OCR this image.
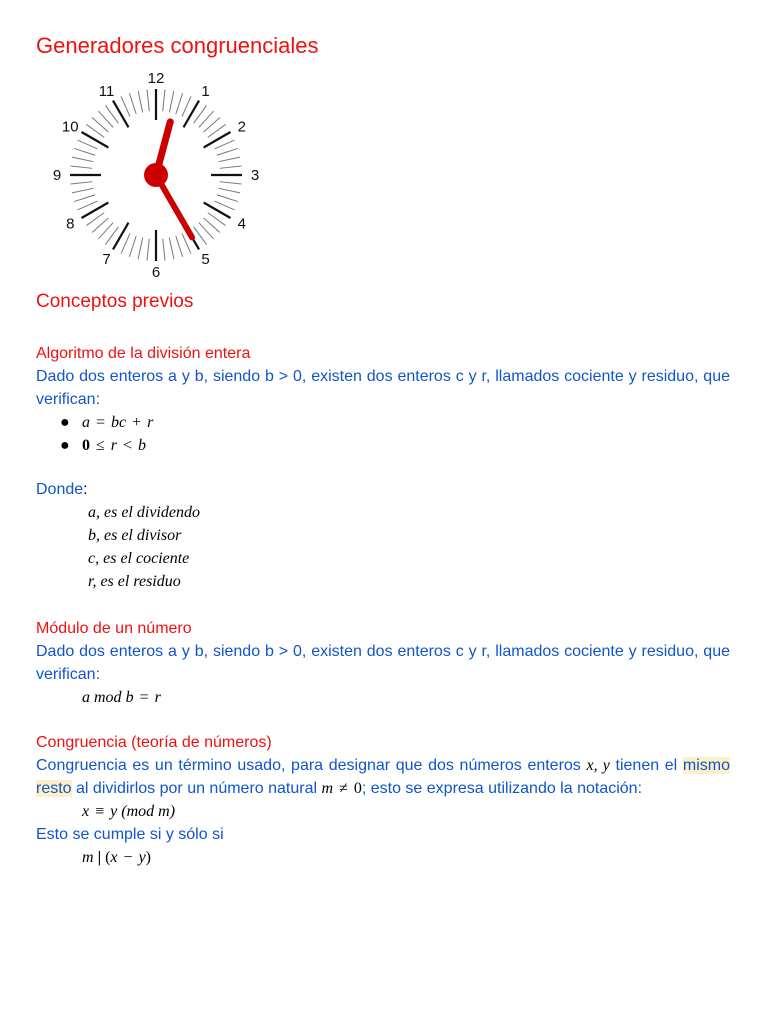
Generadores congruenciales
12
1
2
3
4
5
6
7
8
9
10
11
Conceptos previos

Algoritmo de la división entera

Dado dos enteros a y b, siendo b > 0, existen dos enteros c y r, llamados cociente y residuo, que verifican:

● a = bc + r
● 0 ≤ r < b

Donde:

a, es el dividendo
b, es el divisor
c, es el cociente
r, es el residuo

Módulo de un número

Dado dos enteros a y b, siendo b > 0, existen dos enteros c y r, llamados cociente y residuo, que verifican:

a mod b = r

Congruencia (teoría de números)

Congruencia es un término usado, para designar que dos números enteros x, y tienen el mismo resto al dividirlos por un número natural m ≠ 0; esto se expresa utilizando la notación:

x ≡ y (mod m)

Esto se cumple si y sólo si

m | (x − y)
